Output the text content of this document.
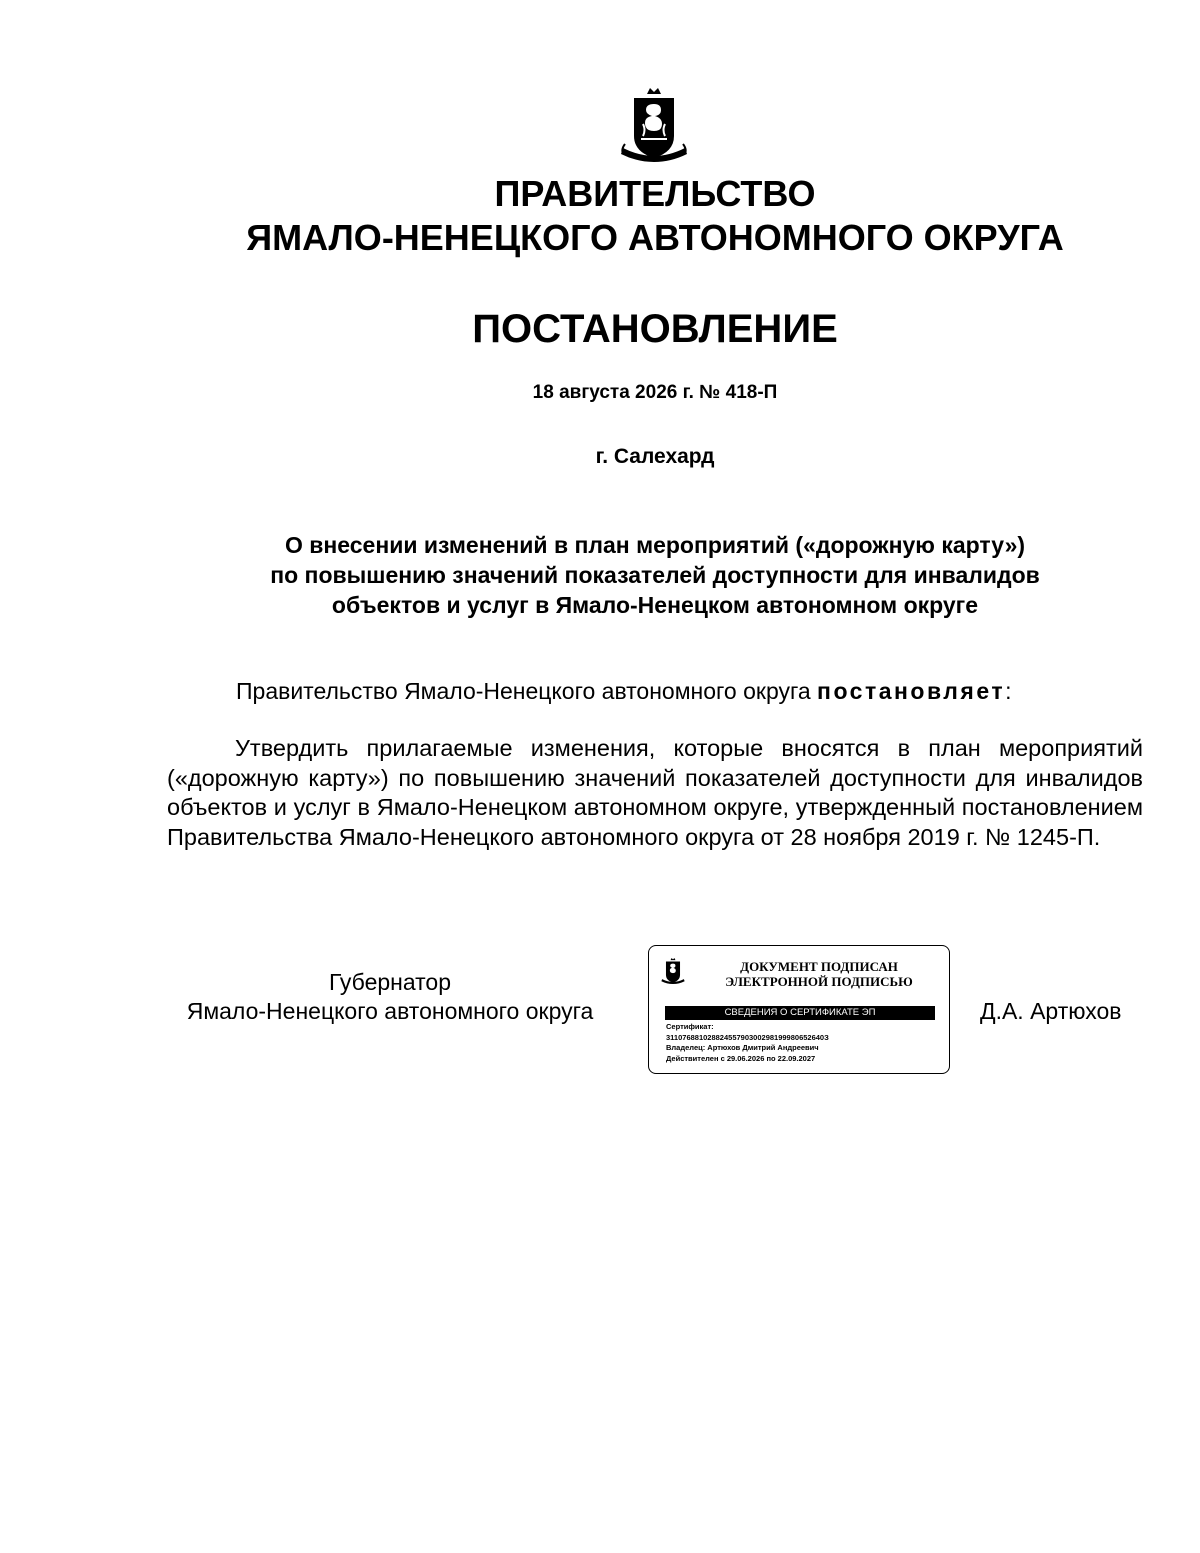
ПРАВИТЕЛЬСТВО
ЯМАЛО-НЕНЕЦКОГО АВТОНОМНОГО ОКРУГА
ПОСТАНОВЛЕНИЕ
18 августа 2026 г. № 418-П
г. Салехард
О внесении изменений в план мероприятий («дорожную карту»)
по повышению значений показателей доступности для инвалидов
объектов и услуг в Ямало-Ненецком автономном округе
Правительство Ямало-Ненецкого автономного округа постановляет:
Утвердить прилагаемые изменения, которые вносятся в план мероприятий («дорожную карту») по повышению значений показателей доступности для инвалидов объектов и услуг в Ямало-Ненецком автономном округе, утвержденный постановлением Правительства Ямало-Ненецкого автономного округа от 28 ноября 2019 г. № 1245-П.
Губернатор
Ямало-Ненецкого автономного округа
ДОКУМЕНТ ПОДПИСАН
ЭЛЕКТРОННОЙ ПОДПИСЬЮ
СВЕДЕНИЯ О СЕРТИФИКАТЕ ЭП
Сертификат:
31107688102882455790300298199980652640З
Владелец: Артюхов Дмитрий Андреевич
Действителен с 29.06.2026 по 22.09.2027
Д.А. Артюхов
